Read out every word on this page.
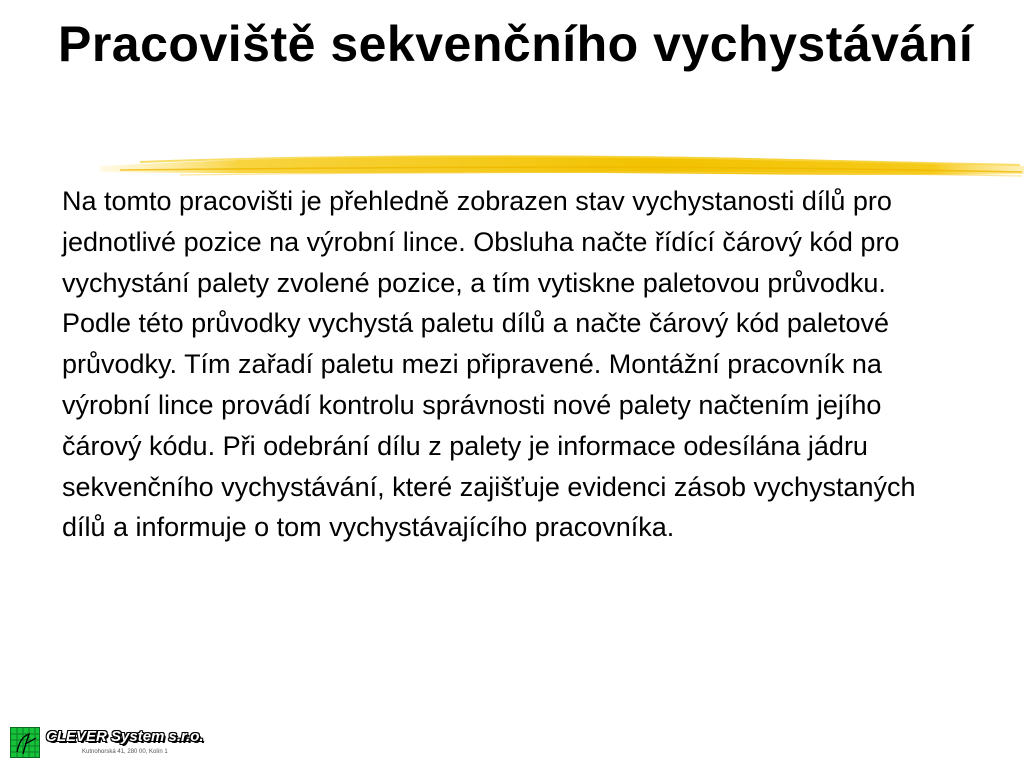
Pracoviště sekvenčního vychystávání

Na tomto pracovišti je přehledně zobrazen stav vychystanosti dílů pro jednotlivé pozice na výrobní lince. Obsluha načte řídící čárový kód pro vychystání palety zvolené pozice, a tím vytiskne paletovou průvodku. Podle této průvodky vychystá paletu dílů a načte čárový kód paletové průvodky. Tím zařadí paletu mezi připravené. Montážní pracovník na výrobní lince provádí kontrolu správnosti nové palety načtením jejího čárový kódu. Při odebrání dílu z palety je informace odesílána jádru sekvenčního vychystávání, které zajišťuje evidenci zásob vychystaných dílů a informuje o tom vychystávajícího pracovníka.

CLEVER System s.r.o.
Kutnohorská 41, 280 00, Kolín 1
